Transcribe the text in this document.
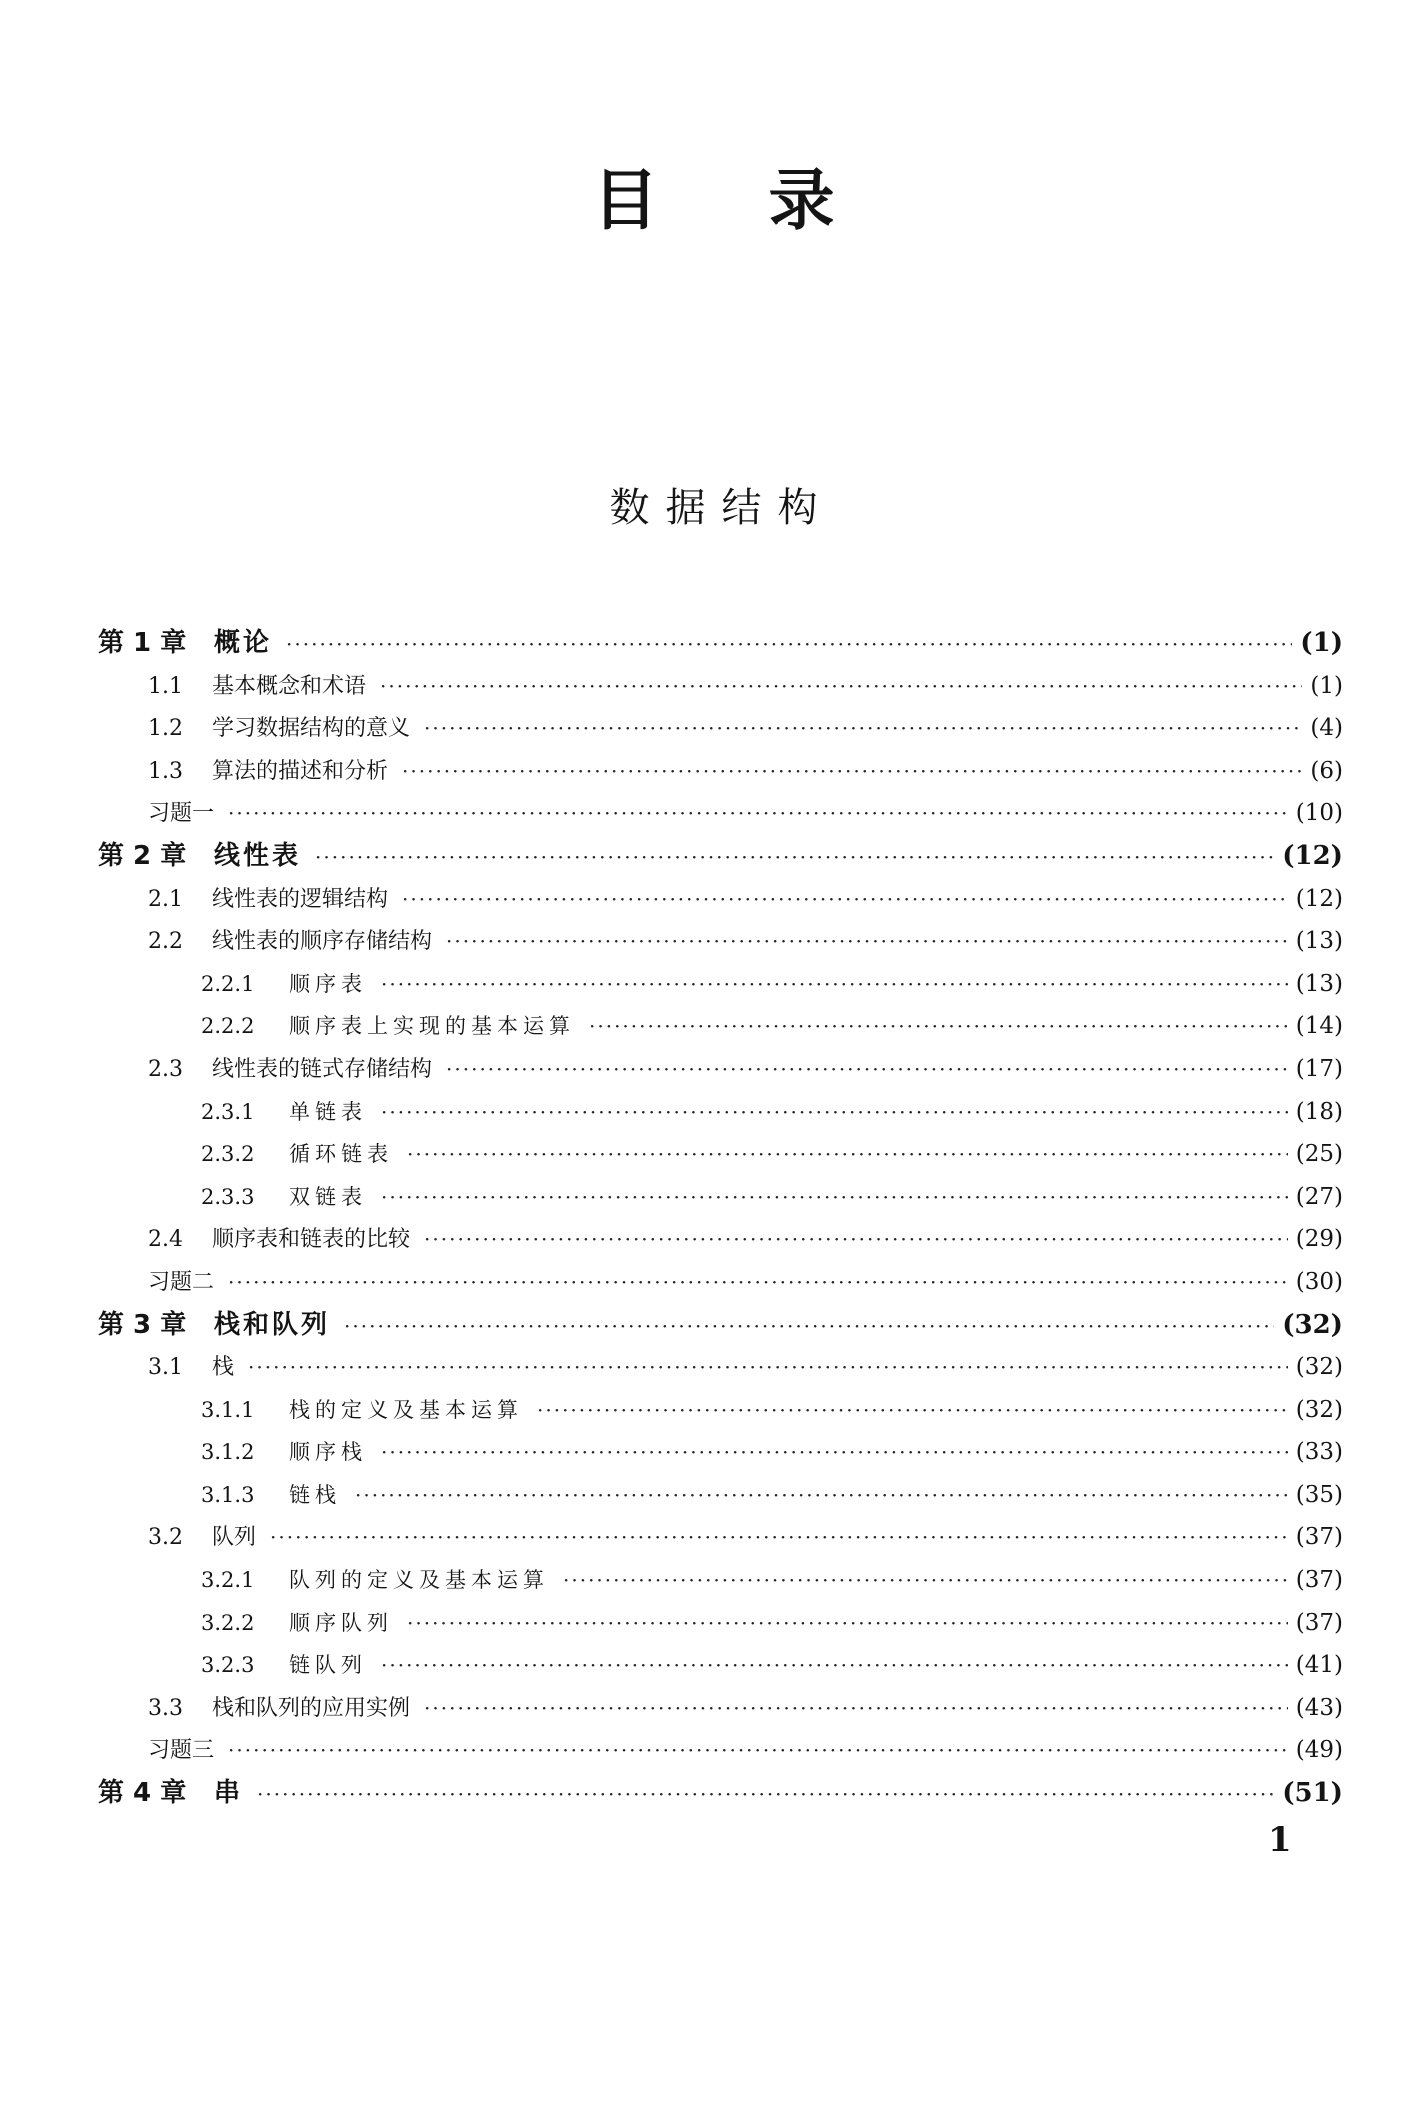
目录
数据结构
第 1 章	概论 ·····	(1)
1.1	基本概念和术语 ·····	(1)
1.2	学习数据结构的意义 ·····	(4)
1.3	算法的描述和分析 ·····	(6)
习题一 ·····	(10)
第 2 章	线性表 ·····	(12)
2.1	线性表的逻辑结构 ·····	(12)
2.2	线性表的顺序存储结构 ·····	(13)
2.2.1	顺序表 ·····	(13)
2.2.2	顺序表上实现的基本运算 ·····	(14)
2.3	线性表的链式存储结构 ·····	(17)
2.3.1	单链表 ·····	(18)
2.3.2	循环链表 ·····	(25)
2.3.3	双链表 ·····	(27)
2.4	顺序表和链表的比较 ·····	(29)
习题二 ·····	(30)
第 3 章	栈和队列 ·····	(32)
3.1	栈 ·····	(32)
3.1.1	栈的定义及基本运算 ·····	(32)
3.1.2	顺序栈 ·····	(33)
3.1.3	链栈 ·····	(35)
3.2	队列 ·····	(37)
3.2.1	队列的定义及基本运算 ·····	(37)
3.2.2	顺序队列 ·····	(37)
3.2.3	链队列 ·····	(41)
3.3	栈和队列的应用实例 ·····	(43)
习题三 ·····	(49)
第 4 章	串 ·····	(51)
1
